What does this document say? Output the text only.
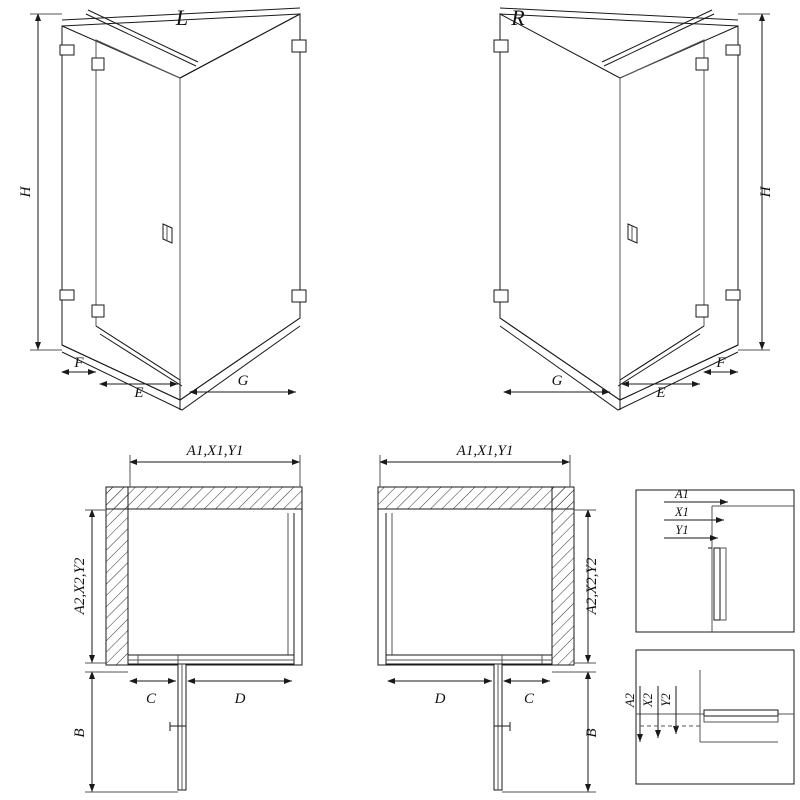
H
F
E
G
L
H
F
E
G
R
A1,X1,Y1
A2,X2,Y2
C	D
B
A1,X1,Y1
A2,X2,Y2
C
D
B
A1
X1
Y1
A2 X2 Y2
